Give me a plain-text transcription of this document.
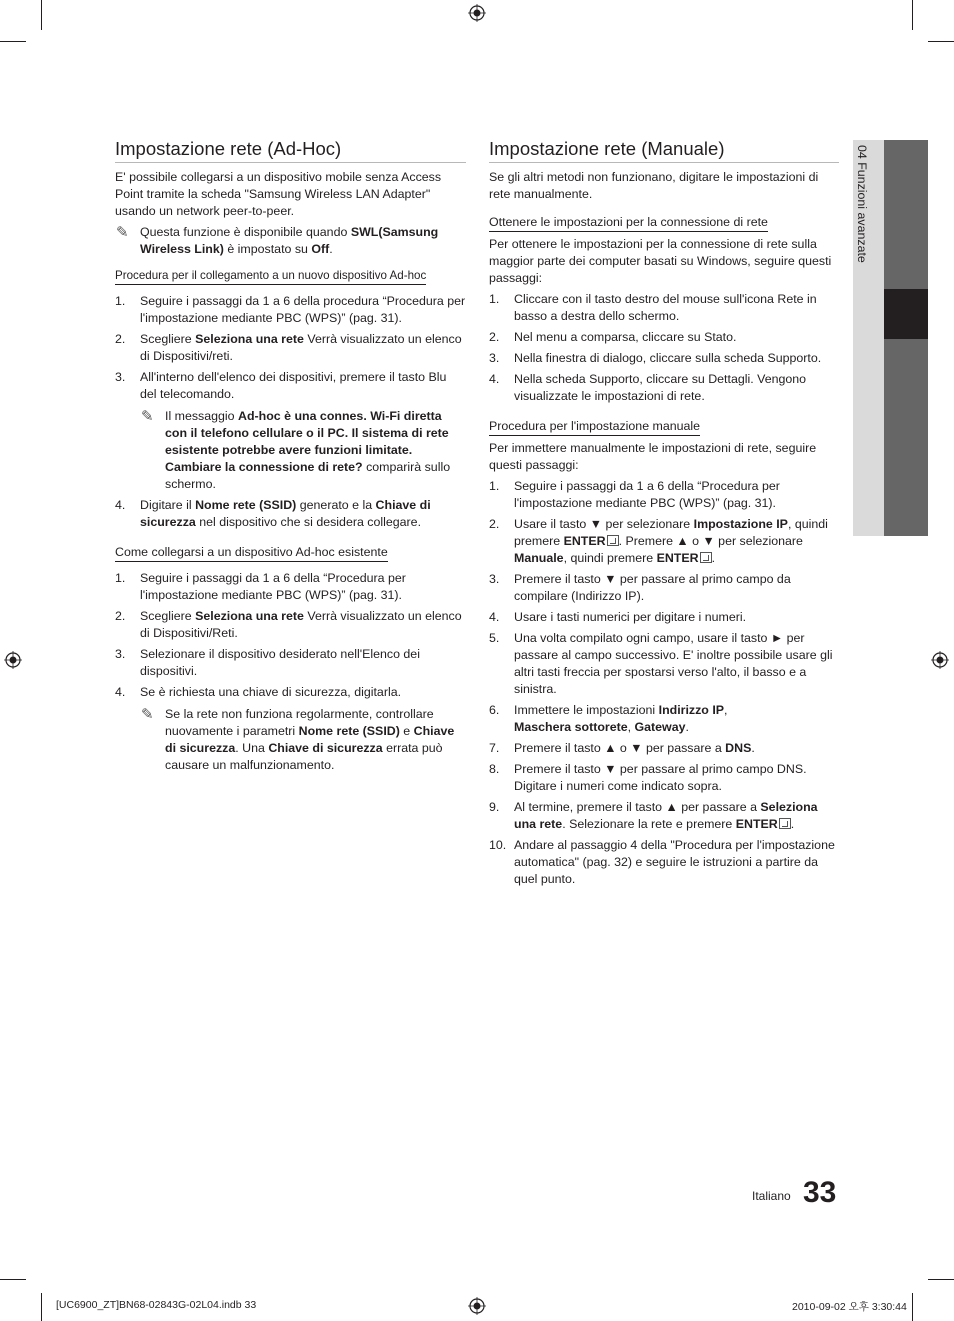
04 Funzioni avanzate
Impostazione rete (Ad-Hoc)

E' possibile collegarsi a un dispositivo mobile senza Access Point tramite la scheda "Samsung Wireless LAN Adapter" usando un network peer-to-peer.

✎ Questa funzione è disponibile quando SWL(Samsung Wireless Link) è impostato su Off.
Procedura per il collegamento a un nuovo dispositivo Ad-hoc
1. Seguire i passaggi da 1 a 6 della procedura “Procedura per l'impostazione mediante PBC (WPS)” (pag. 31).
2. Scegliere Seleziona una rete Verrà visualizzato un elenco di Dispositivi/reti.
3. All'interno dell'elenco dei dispositivi, premere il tasto Blu del telecomando.
✎ Il messaggio Ad-hoc è una connes. Wi-Fi diretta con il telefono cellulare o il PC. Il sistema di rete esistente potrebbe avere funzioni limitate. Cambiare la connessione di rete? comparirà sullo schermo.
4. Digitare il Nome rete (SSID) generato e la Chiave di sicurezza nel dispositivo che si desidera collegare.
Come collegarsi a un dispositivo Ad-hoc esistente
1. Seguire i passaggi da 1 a 6 della “Procedura per l'impostazione mediante PBC (WPS)” (pag. 31).
2. Scegliere Seleziona una rete Verrà visualizzato un elenco di Dispositivi/Reti.
3. Selezionare il dispositivo desiderato nell'Elenco dei dispositivi.
4. Se è richiesta una chiave di sicurezza, digitarla.
✎ Se la rete non funziona regolarmente, controllare nuovamente i parametri Nome rete (SSID) e Chiave di sicurezza. Una Chiave di sicurezza errata può causare un malfunzionamento.
Impostazione rete (Manuale)

Se gli altri metodi non funzionano, digitare le impostazioni di rete manualmente.

Ottenere le impostazioni per la connessione di rete

Per ottenere le impostazioni per la connessione di rete sulla maggior parte dei computer basati su Windows, seguire questi passaggi:

1. Cliccare con il tasto destro del mouse sull'icona Rete in basso a destra dello schermo.
2. Nel menu a comparsa, cliccare su Stato.
3. Nella finestra di dialogo, cliccare sulla scheda Supporto.
4. Nella scheda Supporto, cliccare su Dettagli. Vengono visualizzate le impostazioni di rete.
Procedura per l'impostazione manuale

Per immettere manualmente le impostazioni di rete, seguire questi passaggi:

1. Seguire i passaggi da 1 a 6 della “Procedura per l'impostazione mediante PBC (WPS)” (pag. 31).
2. Usare il tasto ▼ per selezionare Impostazione IP, quindi premere ENTER . Premere ▲ o ▼ per selezionare Manuale, quindi premere ENTER .
3. Premere il tasto ▼ per passare al primo campo da compilare (Indirizzo IP).
4. Usare i tasti numerici per digitare i numeri.
5. Una volta compilato ogni campo, usare il tasto ► per passare al campo successivo. E' inoltre possibile usare gli altri tasti freccia per spostarsi verso l'alto, il basso e a sinistra.
6. Immettere le impostazioni Indirizzo IP,
Maschera sottorete, Gateway.
7. Premere il tasto ▲ o ▼ per passare a DNS.
8. Premere il tasto ▼ per passare al primo campo DNS. Digitare i numeri come indicato sopra.
9. Al termine, premere il tasto ▲ per passare a Seleziona una rete. Selezionare la rete e premere ENTER .
10. Andare al passaggio 4 della "Procedura per l'impostazione automatica" (pag. 32) e seguire le istruzioni a partire da quel punto.
Italiano 33
[UC6900_ZT]BN68-02843G-02L04.indb 33	2010-09-02 오후 3:30:44
